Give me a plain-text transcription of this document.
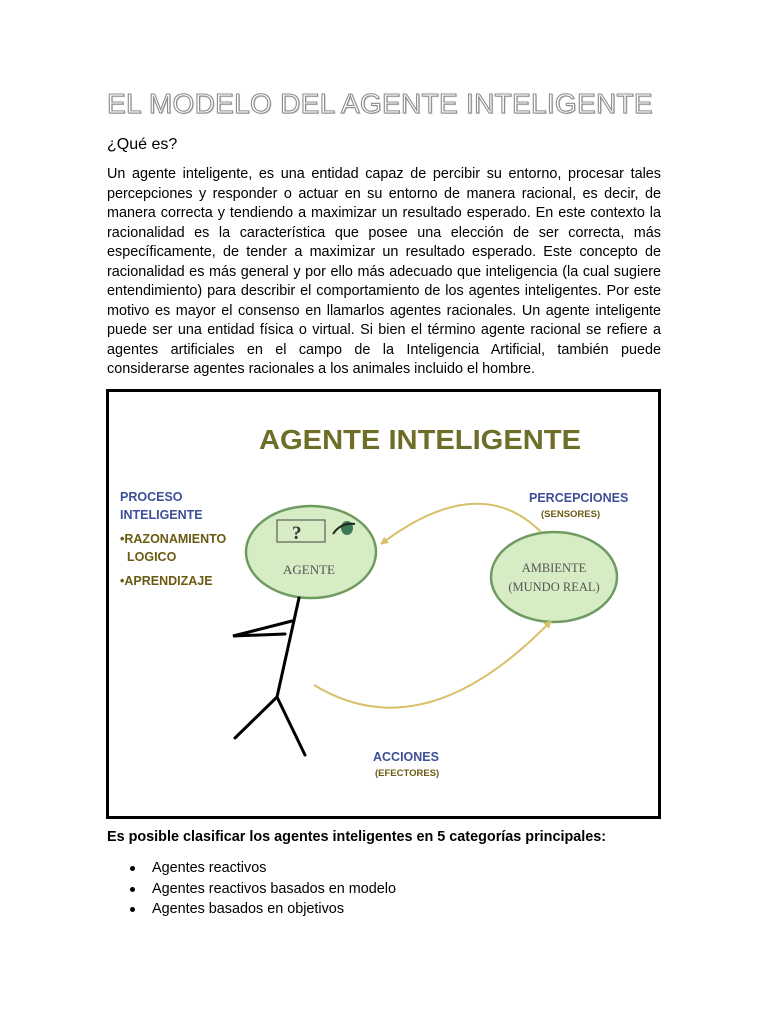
EL MODELO DEL AGENTE INTELIGENTE

¿Qué es?

Un agente inteligente, es una entidad capaz de percibir su entorno, procesar tales percepciones y responder o actuar en su entorno de manera racional, es decir, de manera correcta y tendiendo a maximizar un resultado esperado. En este contexto la racionalidad es la característica que posee una elección de ser correcta, más específicamente, de tender a maximizar un resultado esperado. Este concepto de racionalidad es más general y por ello más adecuado que inteligencia (la cual sugiere entendimiento) para describir el comportamiento de los agentes inteligentes. Por este motivo es mayor el consenso en llamarlos agentes racionales. Un agente inteligente puede ser una entidad física o virtual. Si bien el término agente racional se refiere a agentes artificiales en el campo de la Inteligencia Artificial, también puede considerarse agentes racionales a los animales incluido el hombre.

AGENTE INTELIGENTE
PROCESO
INTELIGENTE
•RAZONAMIENTO
LOGICO
•APRENDIZAJE
PERCEPCIONES
(SENSORES)
?
AGENTE	AMBIENTE
(MUNDO REAL)
ACCIONES
(EFECTORES)

Es posible clasificar los agentes inteligentes en 5 categorías principales:

Agentes reactivos
Agentes reactivos basados en modelo
Agentes basados en objetivos
